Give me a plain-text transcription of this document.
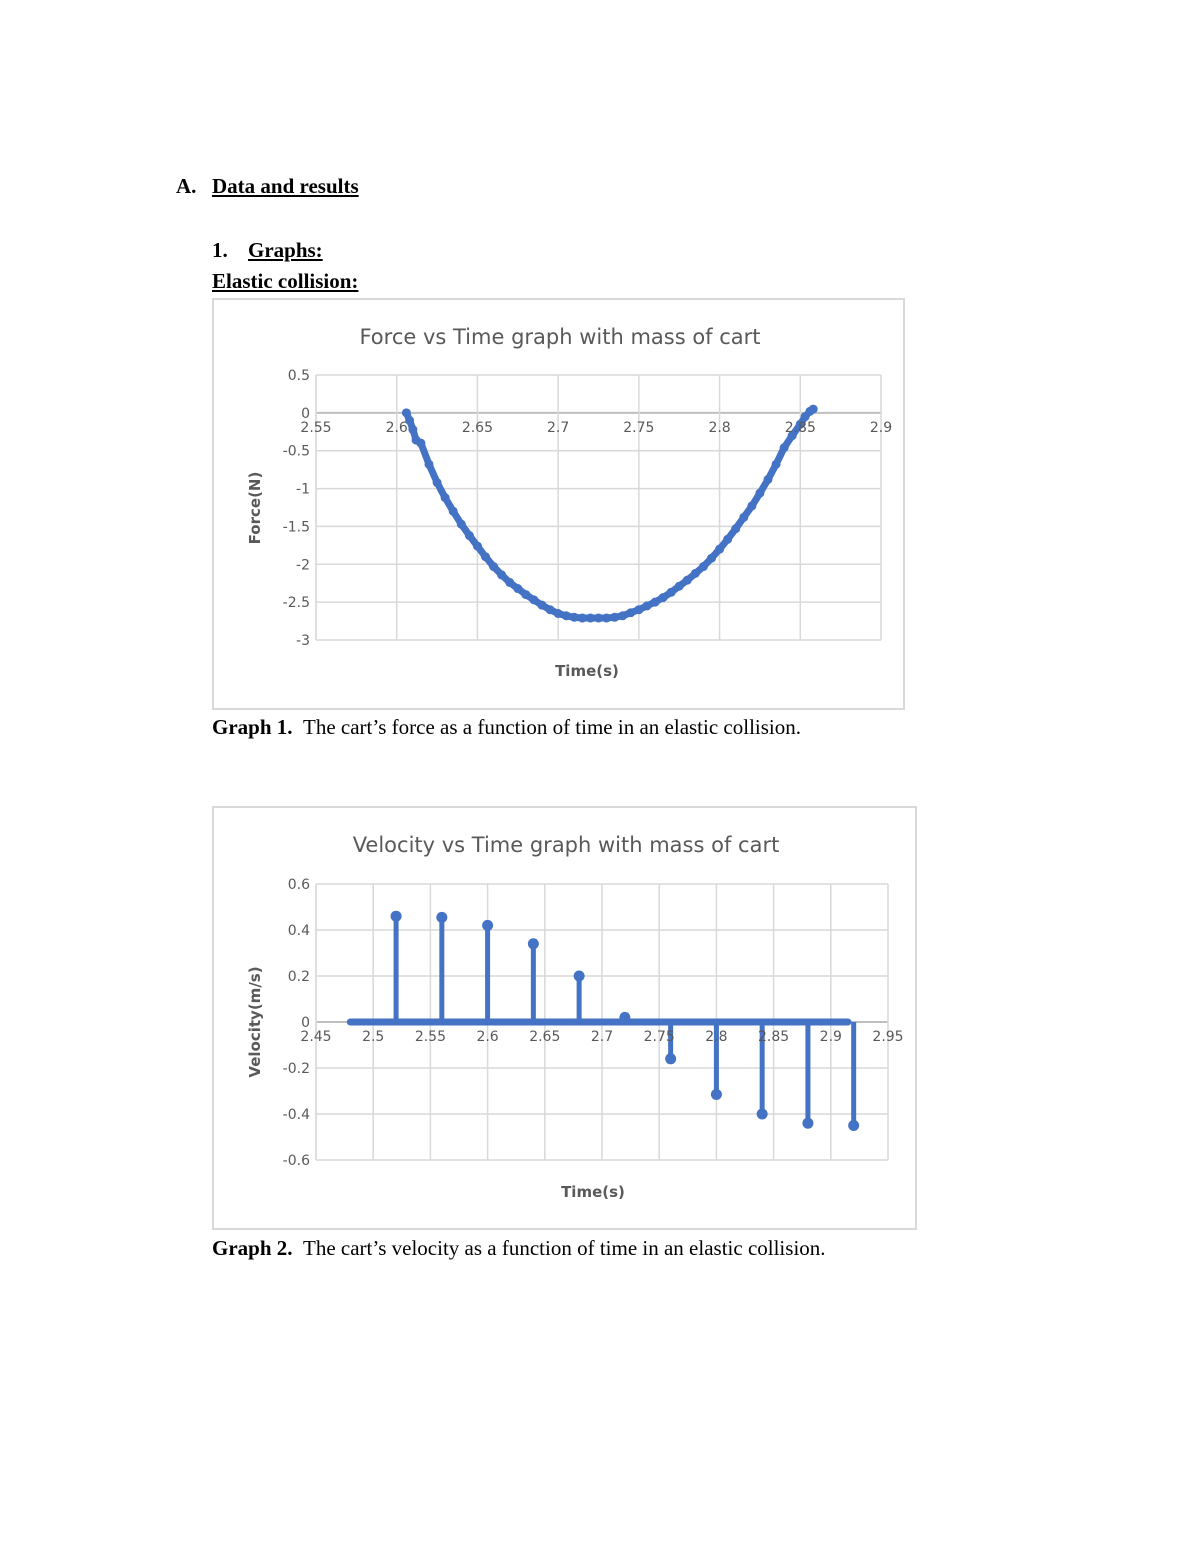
A. Data and results
1. Graphs:
Elastic collision:
Force vs Time graph with mass of cart
0.5
0
-0.5
-1
-1.5
-2
-2.5
-3
2.55	2.6	2.65	2.7	2.75	2.8	2.85	2.9
Time(s)
Force(N)
Graph 1. The cart’s force as a function of time in an elastic collision.
Velocity vs Time graph with mass of cart
0.6
0.4
0.2
0
-0.2
-0.4
-0.6
2.45 2.5 2.55 2.6 2.65 2.7 2.75 2.8 2.85 2.9 2.95
Time(s)
Velocity(m/s)
Graph 2. The cart’s velocity as a function of time in an elastic collision.
